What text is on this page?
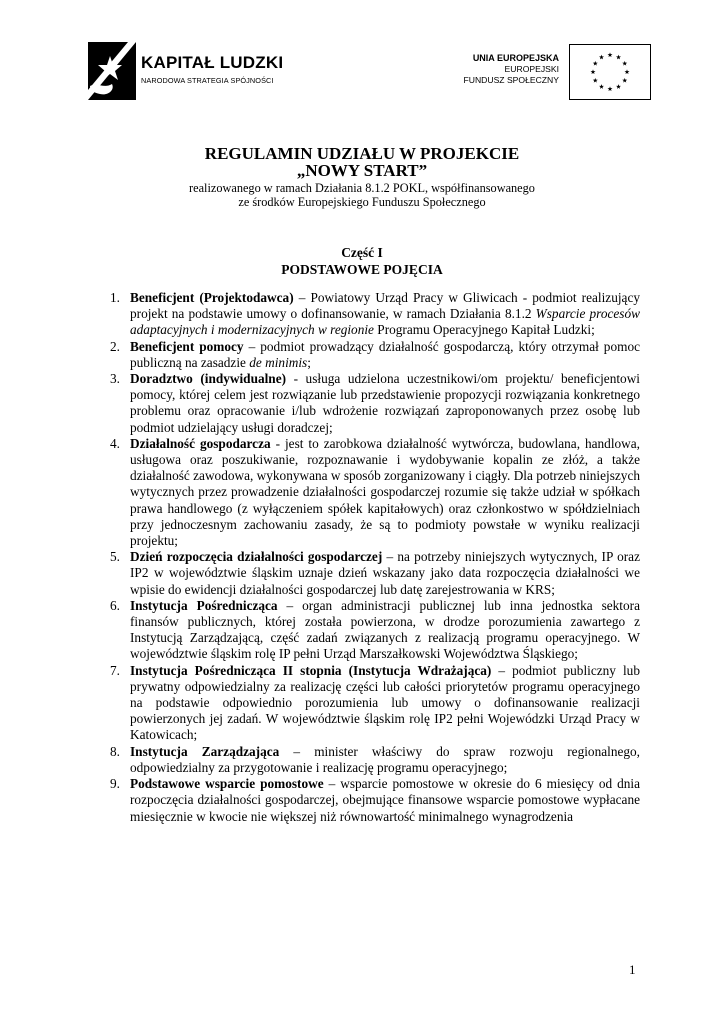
KAPITAŁ LUDZKI
NARODOWA STRATEGIA SPÓJNOŚCI
UNIA EUROPEJSKA
EUROPEJSKI
FUNDUSZ SPOŁECZNY
REGULAMIN UDZIAŁU W PROJEKCIE
„NOWY START”
realizowanego w ramach Działania 8.1.2 POKL, współfinansowanego
ze środków Europejskiego Funduszu Społecznego
Część I
PODSTAWOWE POJĘCIA
1. Beneficjent (Projektodawca) – Powiatowy Urząd Pracy w Gliwicach - podmiot realizujący projekt na podstawie umowy o dofinansowanie, w ramach Działania 8.1.2 Wsparcie procesów adaptacyjnych i modernizacyjnych w regionie Programu Operacyjnego Kapitał Ludzki;
2. Beneficjent pomocy – podmiot prowadzący działalność gospodarczą, który otrzymał pomoc publiczną na zasadzie de minimis;
3. Doradztwo (indywidualne) - usługa udzielona uczestnikowi/om projektu/ beneficjentowi pomocy, której celem jest rozwiązanie lub przedstawienie propozycji rozwiązania konkretnego problemu oraz opracowanie i/lub wdrożenie rozwiązań zaproponowanych przez osobę lub podmiot udzielający usługi doradczej;
4. Działalność gospodarcza - jest to zarobkowa działalność wytwórcza, budowlana, handlowa, usługowa oraz poszukiwanie, rozpoznawanie i wydobywanie kopalin ze złóż, a także działalność zawodowa, wykonywana w sposób zorganizowany i ciągły. Dla potrzeb niniejszych wytycznych przez prowadzenie działalności gospodarczej rozumie się także udział w spółkach prawa handlowego (z wyłączeniem spółek kapitałowych) oraz członkostwo w spółdzielniach przy jednoczesnym zachowaniu zasady, że są to podmioty powstałe w wyniku realizacji projektu;
5. Dzień rozpoczęcia działalności gospodarczej – na potrzeby niniejszych wytycznych, IP oraz IP2 w województwie śląskim uznaje dzień wskazany jako data rozpoczęcia działalności we wpisie do ewidencji działalności gospodarczej lub datę zarejestrowania w KRS;
6. Instytucja Pośrednicząca – organ administracji publicznej lub inna jednostka sektora finansów publicznych, której została powierzona, w drodze porozumienia zawartego z Instytucją Zarządzającą, część zadań związanych z realizacją programu operacyjnego. W województwie śląskim rolę IP pełni Urząd Marszałkowski Województwa Śląskiego;
7. Instytucja Pośrednicząca II stopnia (Instytucja Wdrażająca) – podmiot publiczny lub prywatny odpowiedzialny za realizację części lub całości priorytetów programu operacyjnego na podstawie odpowiednio porozumienia lub umowy o dofinansowanie realizacji powierzonych jej zadań. W województwie śląskim rolę IP2 pełni Wojewódzki Urząd Pracy w Katowicach;
8. Instytucja Zarządzająca – minister właściwy do spraw rozwoju regionalnego, odpowiedzialny za przygotowanie i realizację programu operacyjnego;
9. Podstawowe wsparcie pomostowe – wsparcie pomostowe w okresie do 6 miesięcy od dnia rozpoczęcia działalności gospodarczej, obejmujące finansowe wsparcie pomostowe wypłacane miesięcznie w kwocie nie większej niż równowartość minimalnego wynagrodzenia
1
